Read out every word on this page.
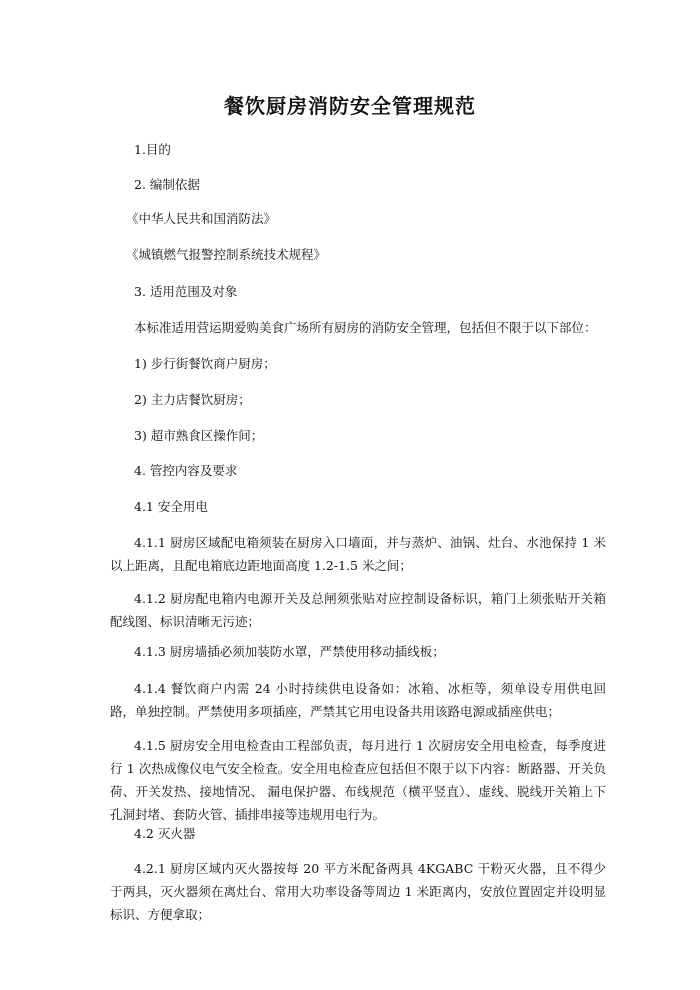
餐饮厨房消防安全管理规范
1.目的
2. 编制依据
《中华人民共和国消防法》
《城镇燃气报警控制系统技术规程》
3. 适用范围及对象
本标准适用营运期爱购美食广场所有厨房的消防安全管理，包括但不限于以下部位：
1) 步行街餐饮商户厨房；
2) 主力店餐饮厨房；
3) 超市熟食区操作间；
4. 管控内容及要求
4.1 安全用电
4.1.1 厨房区域配电箱须装在厨房入口墙面，并与蒸炉、油锅、灶台、水池保持 1 米以上距离，且配电箱底边距地面高度 1.2-1.5 米之间；
4.1.2 厨房配电箱内电源开关及总闸须张贴对应控制设备标识，箱门上须张贴开关箱配线图、标识清晰无污迹；
4.1.3 厨房墙插必须加装防水罩，严禁使用移动插线板；
4.1.4 餐饮商户内需 24 小时持续供电设备如：冰箱、冰柜等，须单设专用供电回路，单独控制。严禁使用多项插座，严禁其它用电设备共用该路电源或插座供电；
4.1.5 厨房安全用电检查由工程部负责，每月进行 1 次厨房安全用电检查，每季度进行 1 次热成像仪电气安全检查。安全用电检查应包括但不限于以下内容：断路器、开关负荷、开关发热、接地情况、 漏电保护器、布线规范（横平竖直）、虚线、脱线开关箱上下孔洞封堵、套防火管、插排串接等违规用电行为。
4.2 灭火器
4.2.1 厨房区域内灭火器按每 20 平方米配备两具 4KGABC 干粉灭火器，且不得少于两具，灭火器须在离灶台、常用大功率设备等周边 1 米距离内，安放位置固定并设明显标识、方便拿取；
